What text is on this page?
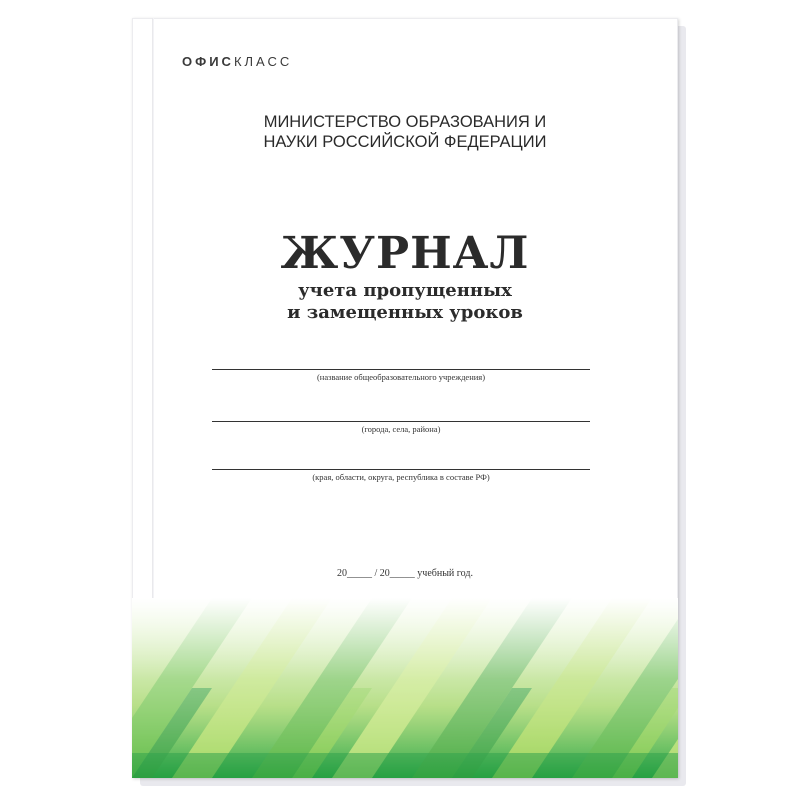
ОФИСКЛАСС
МИНИСТЕРСТВО ОБРАЗОВАНИЯ И
НАУКИ РОССИЙСКОЙ ФЕДЕРАЦИИ
ЖУРНАЛ
учета пропущенных
и замещенных уроков
(название общеобразовательного учреждения)
(города, села, района)
(края, области, округа, республика в составе РФ)
20_____ / 20_____ учебный год.
